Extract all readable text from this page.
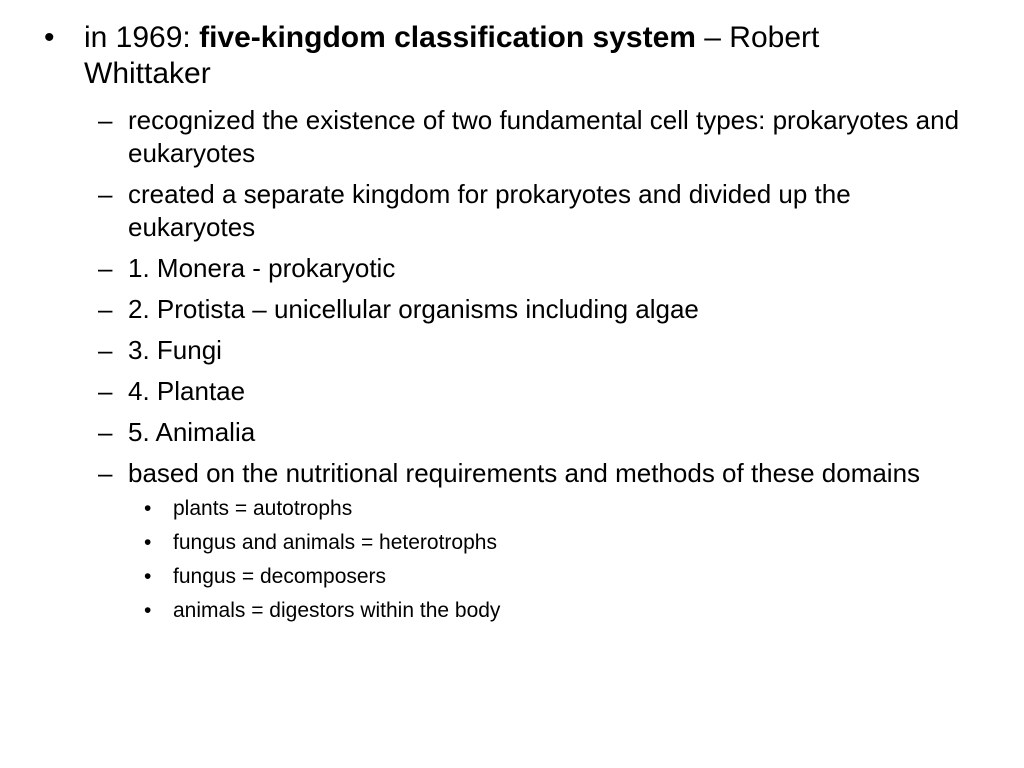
• in 1969: five-kingdom classification system – Robert Whittaker
– recognized the existence of two fundamental cell types: prokaryotes and eukaryotes
– created a separate kingdom for prokaryotes and divided up the eukaryotes
– 1. Monera - prokaryotic
– 2. Protista – unicellular organisms including algae
– 3. Fungi
– 4. Plantae
– 5. Animalia
– based on the nutritional requirements and methods of these domains
•	plants = autotrophs
•	fungus and animals = heterotrophs
•	fungus = decomposers
•	animals = digestors within the body
